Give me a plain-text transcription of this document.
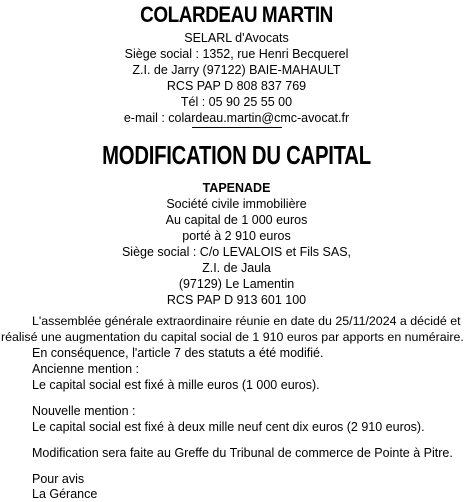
COLARDEAU MARTIN
SELARL d'Avocats
Siège social : 1352, rue Henri Becquerel
Z.I. de Jarry (97122) BAIE-MAHAULT
RCS PAP D 808 837 769
Tél : 05 90 25 55 00
e-mail : colardeau.martin@cmc-avocat.fr
MODIFICATION DU CAPITAL
TAPENADE
Société civile immobilière
Au capital de 1 000 euros
porté à 2 910 euros
Siège social : C/o LEVALOIS et Fils SAS,
Z.I. de Jaula
(97129) Le Lamentin
RCS PAP D 913 601 100
L'assemblée générale extraordinaire réunie en date du 25/11/2024 a décidé et
réalisé une augmentation du capital social de 1 910 euros par apports en numéraire.
En conséquence, l'article 7 des statuts a été modifié.
Ancienne mention :
Le capital social est fixé à mille euros (1 000 euros).
Nouvelle mention :
Le capital social est fixé à deux mille neuf cent dix euros (2 910 euros).
Modification sera faite au Greffe du Tribunal de commerce de Pointe à Pitre.
Pour avis
La Gérance
